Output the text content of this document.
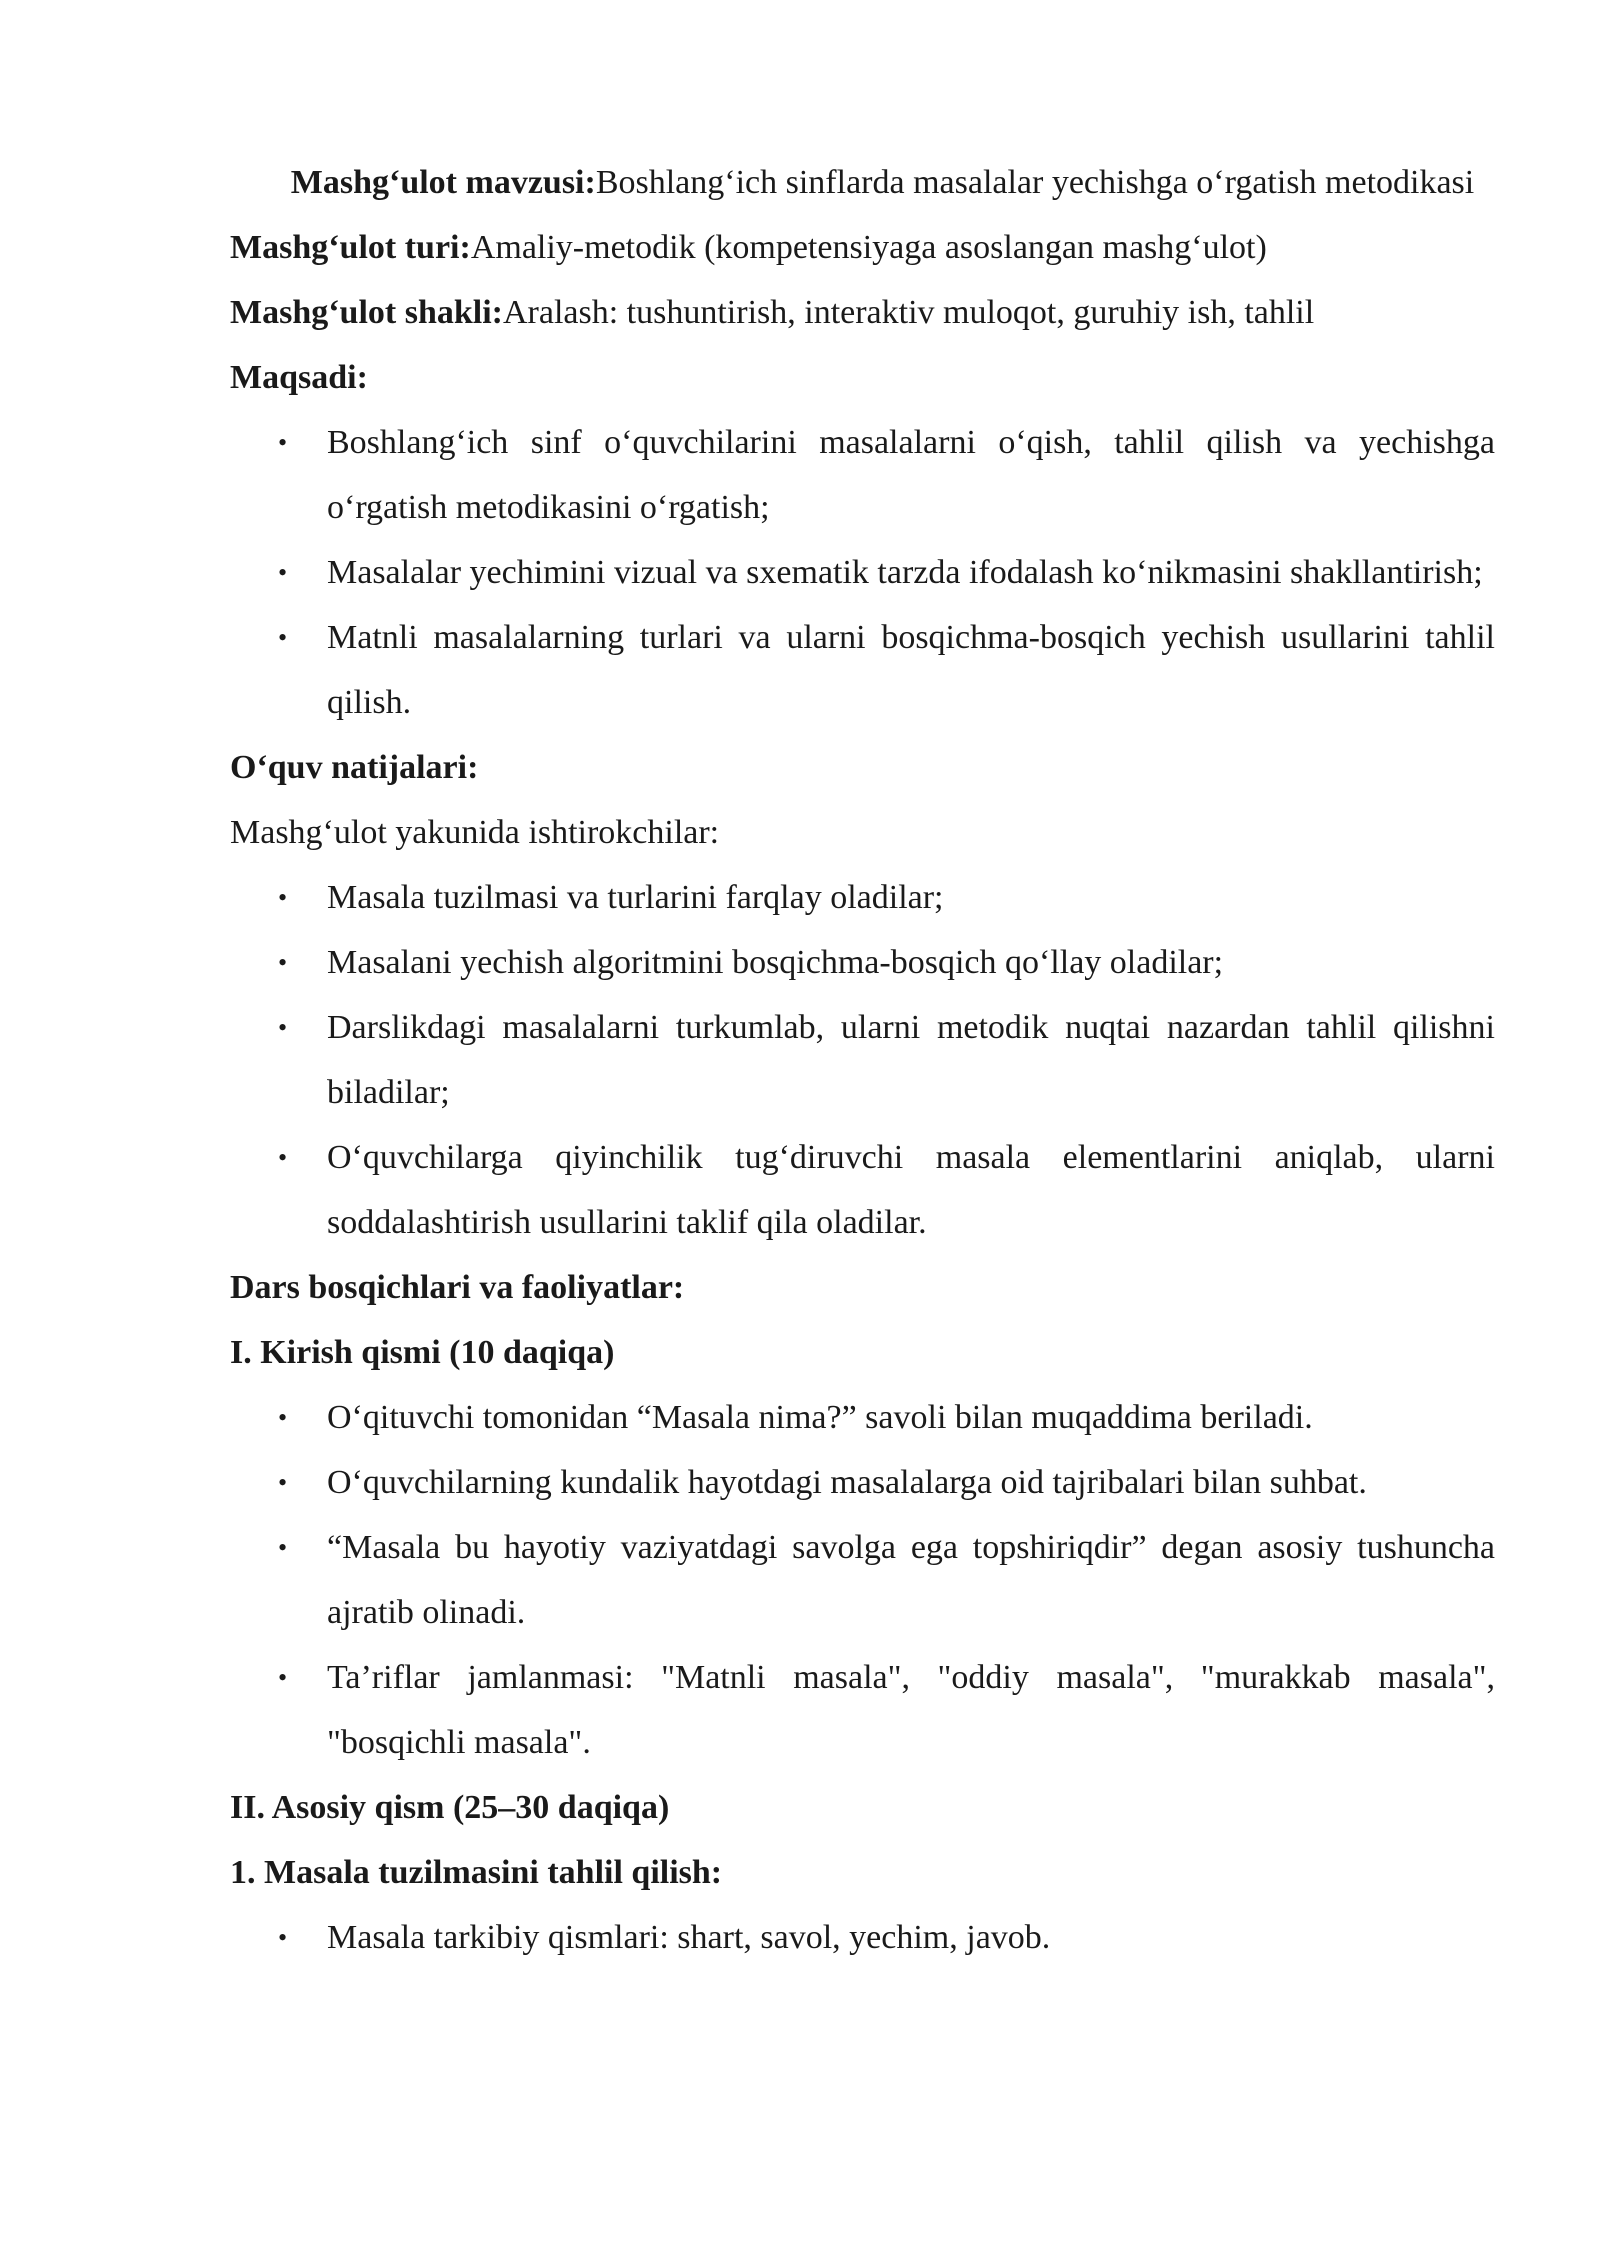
Mashg‘ulot mavzusi:Boshlang‘ich sinflarda masalalar yechishga o‘rgatish metodikasi

Mashg‘ulot turi:Amaliy-metodik (kompetensiyaga asoslangan mashg‘ulot)

Mashg‘ulot shakli:Aralash: tushuntirish, interaktiv muloqot, guruhiy ish, tahlil

Maqsadi:

• Boshlang‘ich sinf o‘quvchilarini masalalarni o‘qish, tahlil qilish va yechishga o‘rgatish metodikasini o‘rgatish;
• Masalalar yechimini vizual va sxematik tarzda ifodalash ko‘nikmasini shakllantirish;
• Matnli masalalarning turlari va ularni bosqichma-bosqich yechish usullarini tahlil qilish.

O‘quv natijalari:

Mashg‘ulot yakunida ishtirokchilar:

• Masala tuzilmasi va turlarini farqlay oladilar;
• Masalani yechish algoritmini bosqichma-bosqich qo‘llay oladilar;
• Darslikdagi masalalarni turkumlab, ularni metodik nuqtai nazardan tahlil qilishni biladilar;
• O‘quvchilarga qiyinchilik tug‘diruvchi masala elementlarini aniqlab, ularni soddalashtirish usullarini taklif qila oladilar.

Dars bosqichlari va faoliyatlar:

I. Kirish qismi (10 daqiqa)

• O‘qituvchi tomonidan “Masala nima?” savoli bilan muqaddima beriladi.
• O‘quvchilarning kundalik hayotdagi masalalarga oid tajribalari bilan suhbat.
• “Masala bu hayotiy vaziyatdagi savolga ega topshiriqdir” degan asosiy tushuncha ajratib olinadi.
• Ta’riflar jamlanmasi: "Matnli masala", "oddiy masala", "murakkab masala", "bosqichli masala".

II. Asosiy qism (25–30 daqiqa)

1. Masala tuzilmasini tahlil qilish:

• Masala tarkibiy qismlari: shart, savol, yechim, javob.
